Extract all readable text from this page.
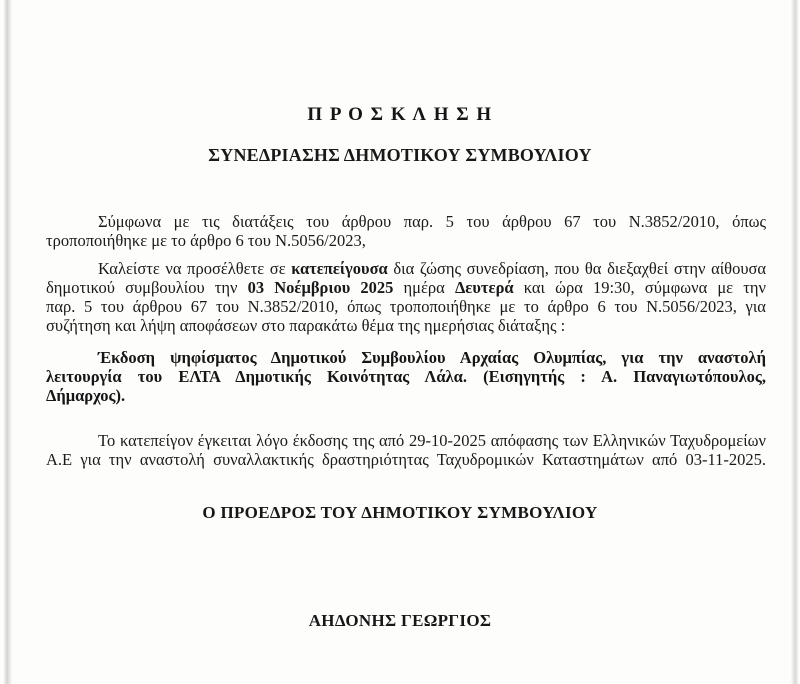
Π Ρ Ο Σ Κ Λ Η Σ Η
ΣΥΝΕΔΡΙΑΣΗΣ ΔΗΜΟΤΙΚΟΥ ΣΥΜΒΟΥΛΙΟΥ
Σύμφωνα με τις διατάξεις του άρθρου παρ. 5 του άρθρου 67 του Ν.3852/2010, όπως
τροποποιήθηκε με το άρθρο 6 του Ν.5056/2023,
Καλείστε να προσέλθετε σε κατεπείγουσα δια ζώσης συνεδρίαση, που θα διεξαχθεί στην αίθουσα
δημοτικού συμβουλίου την 03 Νοέμβριου 2025 ημέρα Δευτερά και ώρα 19:30, σύμφωνα με την
παρ. 5 του άρθρου 67 του Ν.3852/2010, όπως τροποποιήθηκε με το άρθρο 6 του Ν.5056/2023, για
συζήτηση και λήψη αποφάσεων στο παρακάτω θέμα της ημερήσιας διάταξης :
Έκδοση ψηφίσματος Δημοτικού Συμβουλίου Αρχαίας Ολυμπίας, για την αναστολή
λειτουργία του ΕΛΤΑ Δημοτικής Κοινότητας Λάλα. (Εισηγητής : Α. Παναγιωτόπουλος,
Δήμαρχος).
Το κατεπείγον έγκειται λόγο έκδοσης της από 29-10-2025 απόφασης των Ελληνικών Ταχυδρομείων
Α.Ε για την αναστολή συναλλακτικής δραστηριότητας Ταχυδρομικών Καταστημάτων από 03-11-2025.
Ο ΠΡΟΕΔΡΟΣ ΤΟΥ ΔΗΜΟΤΙΚΟΥ ΣΥΜΒΟΥΛΙΟΥ
ΑΗΔΟΝΗΣ ΓΕΩΡΓΙΟΣ
